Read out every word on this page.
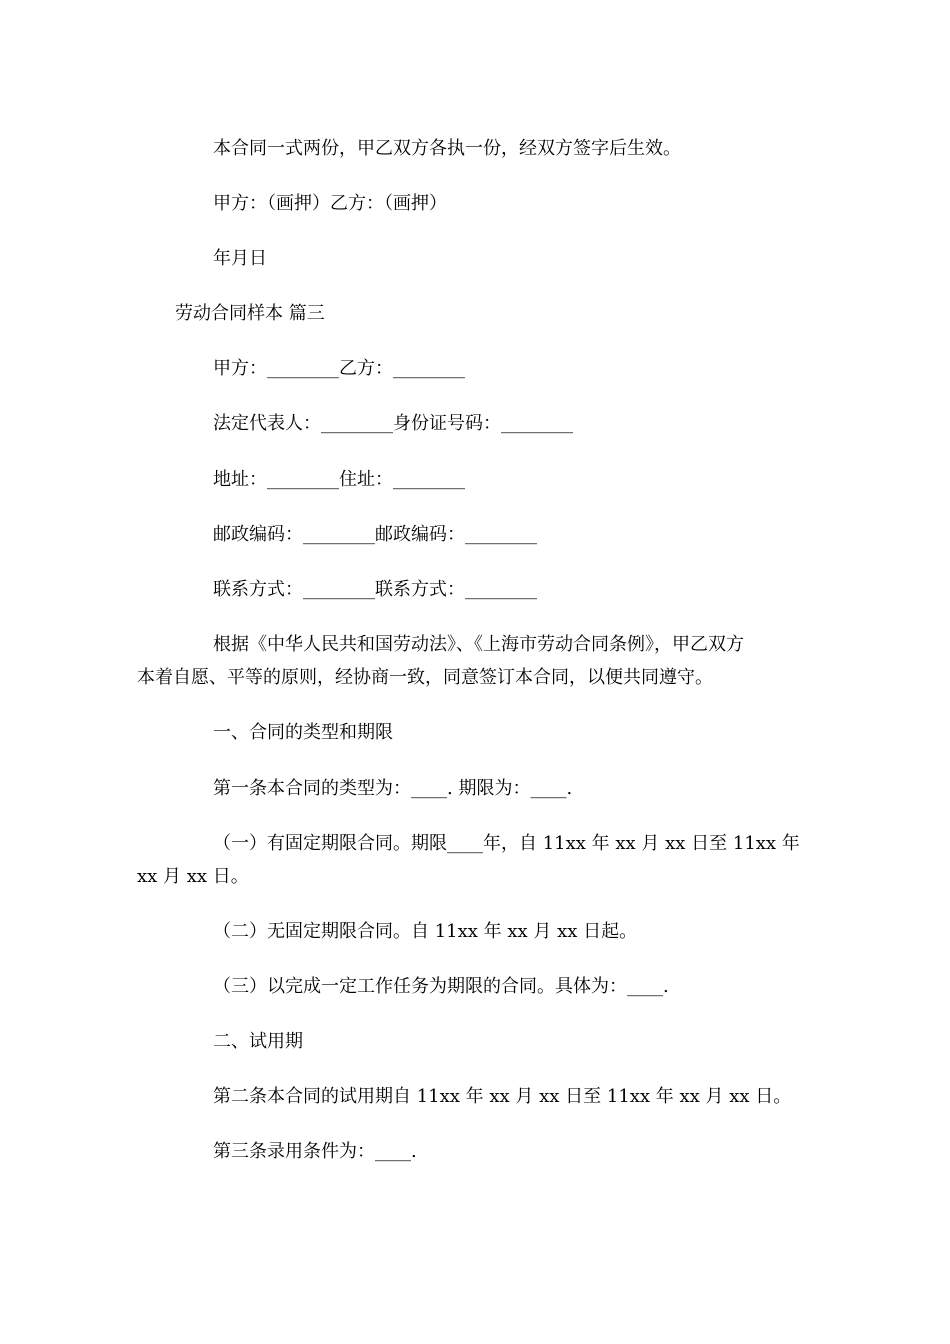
本合同一式两份，甲乙双方各执一份，经双方签字后生效。
甲方：（画押）乙方：（画押）
年月日
劳动合同样本 篇三
甲方：________乙方：________
法定代表人：________身份证号码：________
地址：________住址：________
邮政编码：________邮政编码：________
联系方式：________联系方式：________
根据《中华人民共和国劳动法》、《上海市劳动合同条例》，甲乙双方
本着自愿、平等的原则，经协商一致，同意签订本合同，以便共同遵守。
一、合同的类型和期限
第一条本合同的类型为：____. 期限为：____.
（一）有固定期限合同。期限____年，自 11xx 年 xx 月 xx 日至 11xx 年
xx 月 xx 日。
（二）无固定期限合同。自 11xx 年 xx 月 xx 日起。
（三）以完成一定工作任务为期限的合同。具体为：____.
二、试用期
第二条本合同的试用期自 11xx 年 xx 月 xx 日至 11xx 年 xx 月 xx 日。
第三条录用条件为：____.
